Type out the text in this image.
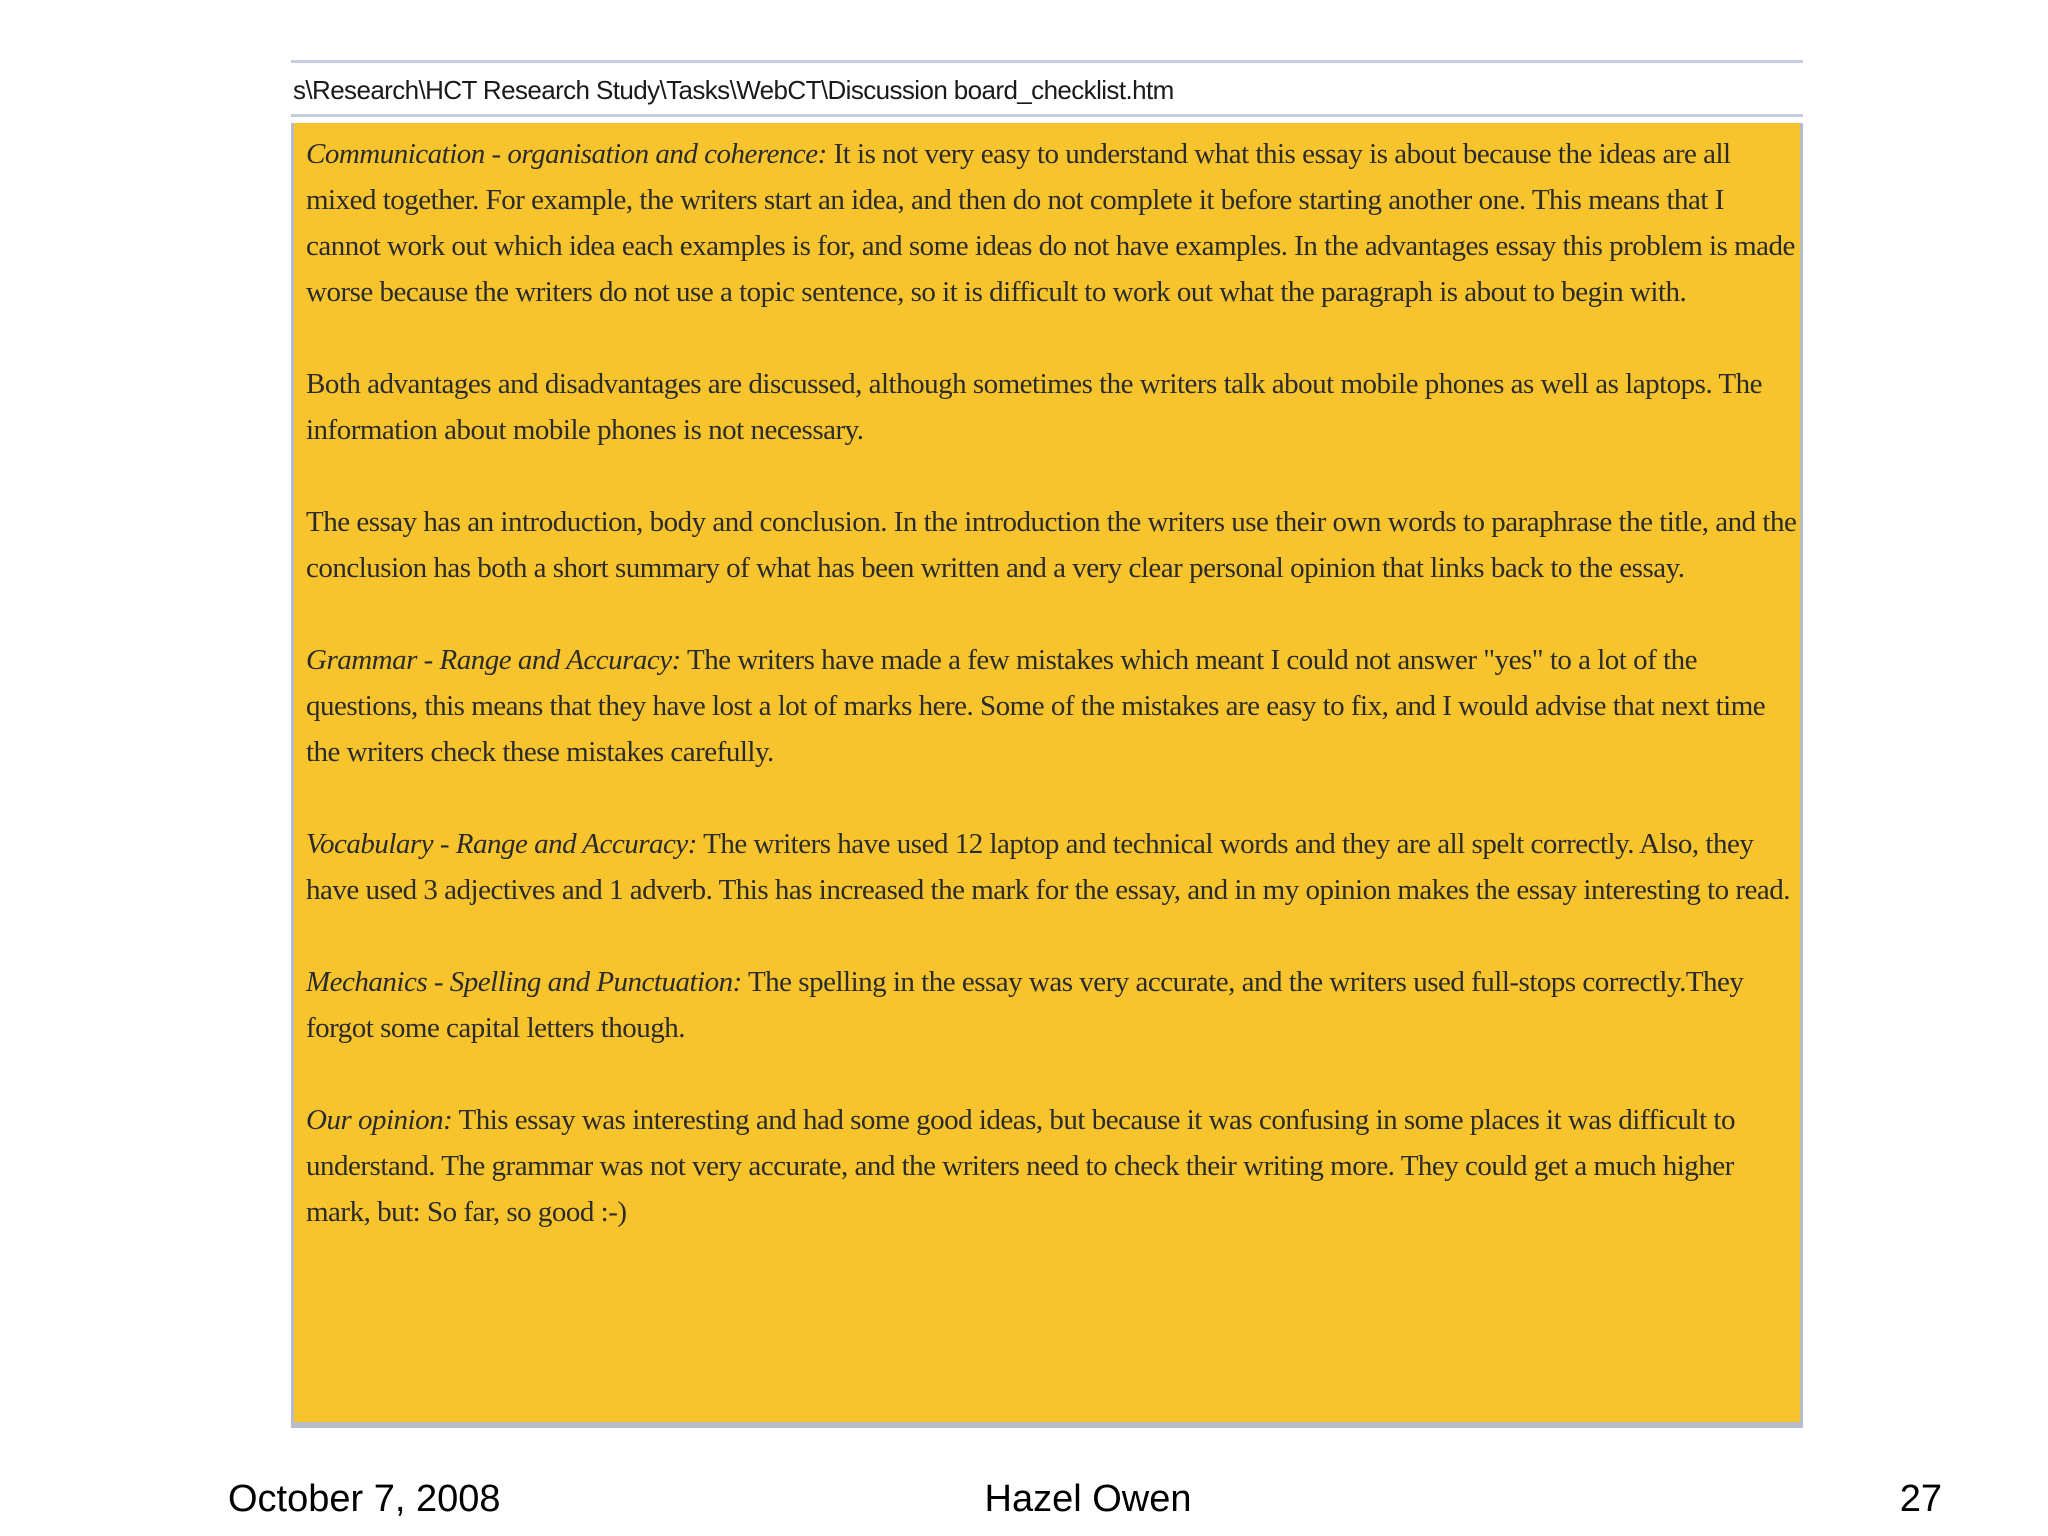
s\Research\HCT Research Study\Tasks\WebCT\Discussion board_checklist.htm

Communication - organisation and coherence: It is not very easy to understand what this essay is about because the ideas are all mixed together. For example, the writers start an idea, and then do not complete it before starting another one. This means that I cannot work out which idea each examples is for, and some ideas do not have examples. In the advantages essay this problem is made worse because the writers do not use a topic sentence, so it is difficult to work out what the paragraph is about to begin with.

Both advantages and disadvantages are discussed, although sometimes the writers talk about mobile phones as well as laptops. The information about mobile phones is not necessary.

The essay has an introduction, body and conclusion. In the introduction the writers use their own words to paraphrase the title, and the conclusion has both a short summary of what has been written and a very clear personal opinion that links back to the essay.

Grammar - Range and Accuracy: The writers have made a few mistakes which meant I could not answer "yes" to a lot of the questions, this means that they have lost a lot of marks here. Some of the mistakes are easy to fix, and I would advise that next time the writers check these mistakes carefully.

Vocabulary - Range and Accuracy: The writers have used 12 laptop and technical words and they are all spelt correctly. Also, they have used 3 adjectives and 1 adverb. This has increased the mark for the essay, and in my opinion makes the essay interesting to read.

Mechanics - Spelling and Punctuation: The spelling in the essay was very accurate, and the writers used full-stops correctly.They forgot some capital letters though.

Our opinion: This essay was interesting and had some good ideas, but because it was confusing in some places it was difficult to understand. The grammar was not very accurate, and the writers need to check their writing more. They could get a much higher mark, but: So far, so good :-)

October 7, 2008	Hazel Owen	27
